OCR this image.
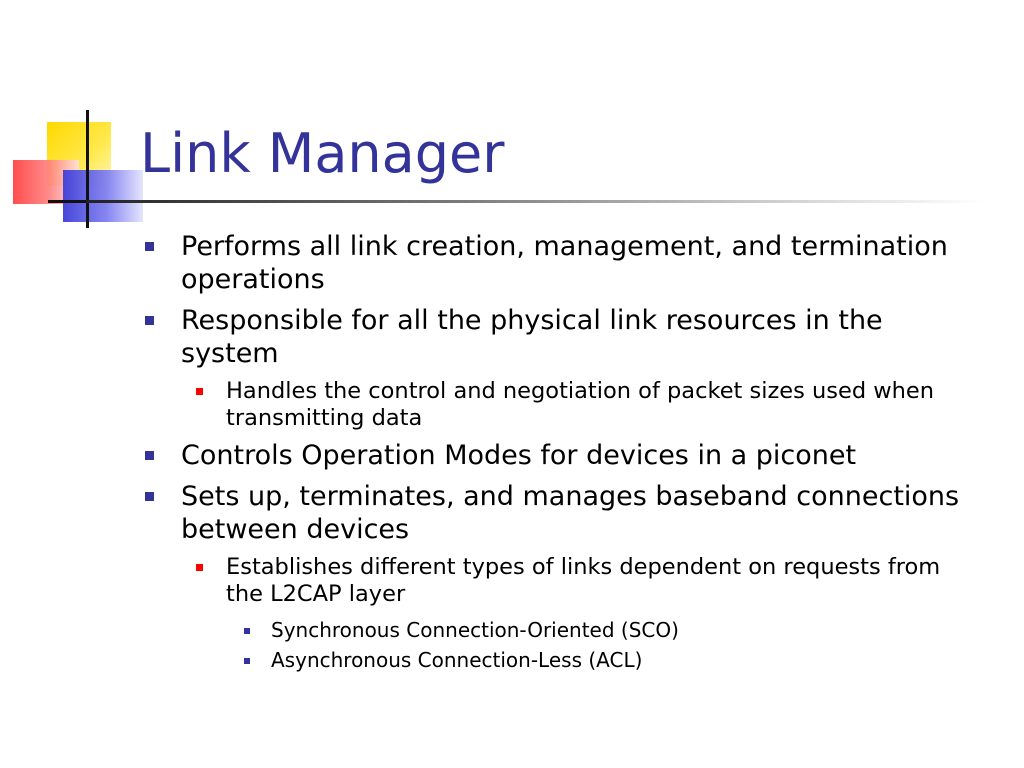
Link Manager
Performs all link creation, management, and termination operations
Responsible for all the physical link resources in the system
Handles the control and negotiation of packet sizes used when transmitting data
Controls Operation Modes for devices in a piconet
Sets up, terminates, and manages baseband connections between devices
Establishes different types of links dependent on requests from the L2CAP layer
Synchronous Connection-Oriented (SCO)
Asynchronous Connection-Less (ACL)
